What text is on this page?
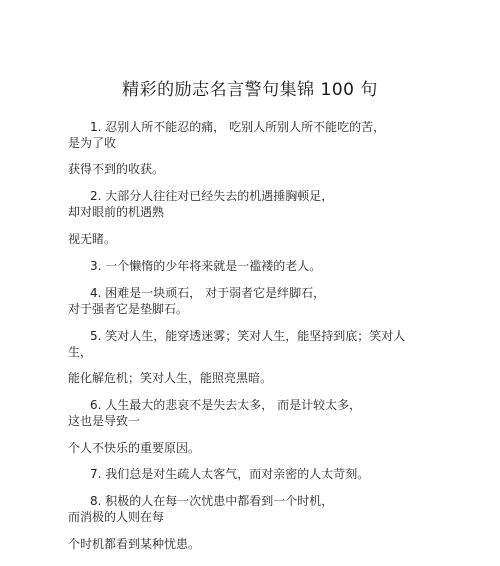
精彩的励志名言警句集锦 100 句
1. 忍别人所不能忍的痛， 吃别人所别人所不能吃的苦，
是为了收
获得不到的收获。
2. 大部分人往往对已经失去的机遇捶胸顿足，
却对眼前的机遇熟
视无睹。
3. 一个懒惰的少年将来就是一褴褛的老人。
4. 困难是一块顽石， 对于弱者它是绊脚石，
对于强者它是垫脚石。
5. 笑对人生，能穿透迷雾；笑对人生，能坚持到底；笑对人
生，
能化解危机；笑对人生，能照亮黑暗。
6. 人生最大的悲哀不是失去太多， 而是计较太多，
这也是导致一
个人不快乐的重要原因。
7. 我们总是对生疏人太客气，而对亲密的人太苛刻。
8. 积极的人在每一次忧患中都看到一个时机，
而消极的人则在每
个时机都看到某种忧患。
